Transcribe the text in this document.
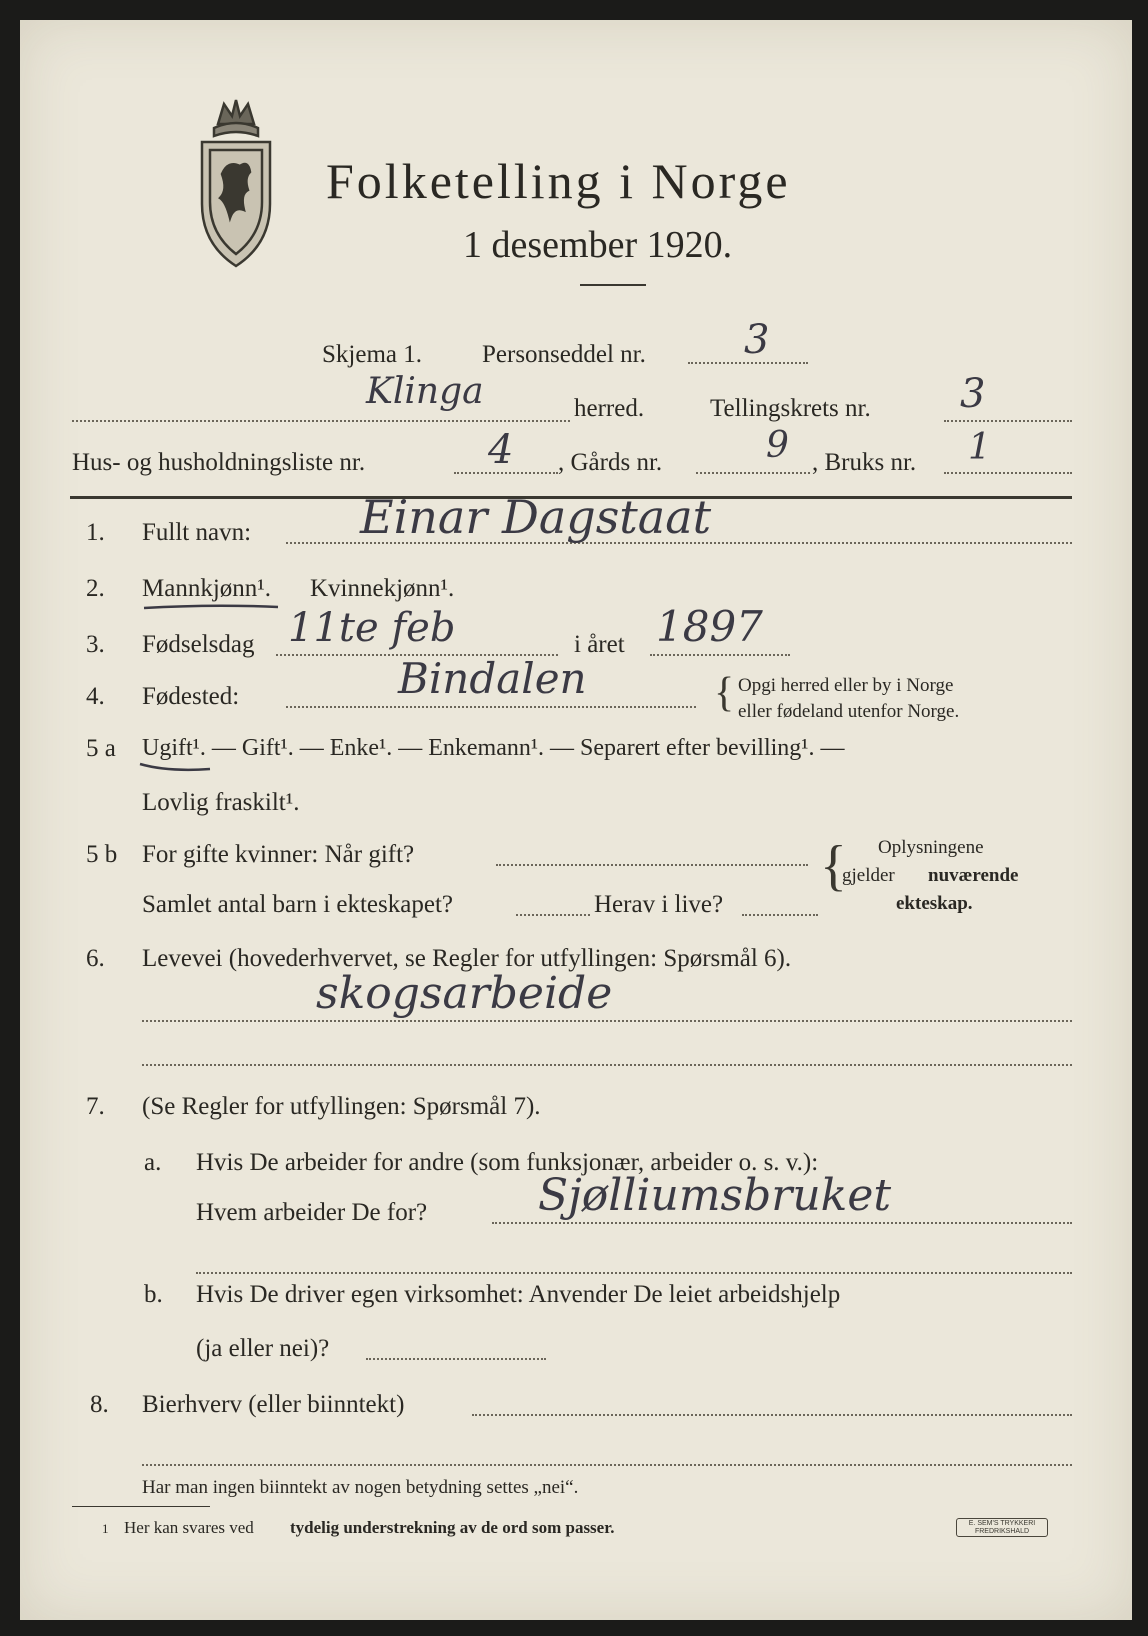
Folketelling i Norge
1 desember 1920.
Skjema 1. Personseddel nr. 3
Klinga	herred.	Tellingskrets nr. 3
Hus- og husholdningsliste nr.	4 , Gårds nr.	9 , Bruks nr. 1
1. Fullt navn: Einar Dagstaat
2. Mannkjønn¹. Kvinnekjønn¹.
3. Fødselsdag 11te feb	i året 1897
4. Fødested:	Bindalen	{ Opgi herred eller by i Norge
eller fødeland utenfor Norge.
5 a Ugift¹. — Gift¹. — Enke¹. — Enkemann¹. — Separert efter bevilling¹. —
Lovlig fraskilt¹.
5 b For gifte kvinner: Når gift?
Samlet antal barn i ekteskapet?	Herav i live?
{ Oplysningene
gjelder nuværende
ekteskap.
6. Levevei (hovederhvervet, se Regler for utfyllingen: Spørsmål 6).
skogsarbeide
7. (Se Regler for utfyllingen: Spørsmål 7).
a. Hvis De arbeider for andre (som funksjonær, arbeider o. s. v.):
Hvem arbeider De for?	Sjølliumsbruket
b. Hvis De driver egen virksomhet: Anvender De leiet arbeidshjelp
(ja eller nei)?
8. Bierhverv (eller biinntekt)
Har man ingen biinntekt av nogen betydning settes „nei“.
1 Her kan svares ved tydelig understrekning av de ord som passer.	E. SEM'S TRYKKERI
FREDRIKSHALD
